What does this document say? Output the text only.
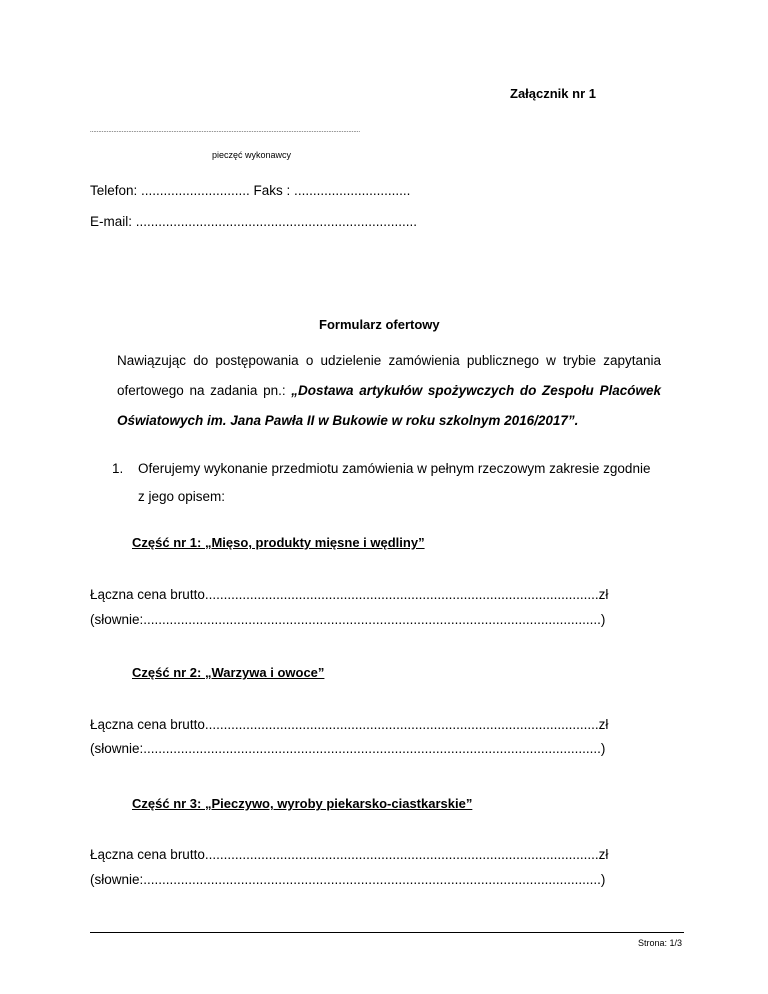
Załącznik nr 1
..................................................................................................................................................................
pieczęć wykonawcy
Telefon: ............................. Faks : ...............................
E-mail: ...........................................................................
Formularz ofertowy
Nawiązując do postępowania o udzielenie zamówienia publicznego w trybie zapytania ofertowego na zadania pn.: „Dostawa artykułów spożywczych do Zespołu Placówek Oświatowych im. Jana Pawła II w Bukowie w roku szkolnym 2016/2017”.
1. Oferujemy wykonanie przedmiotu zamówienia w pełnym rzeczowym zakresie zgodnie
z jego opisem:
Część nr 1: „Mięso, produkty mięsne i wędliny”
Łączna cena brutto.........................................................................................................zł
(słownie:..........................................................................................................................)
Część nr 2: „Warzywa i owoce”
Łączna cena brutto.........................................................................................................zł
(słownie:..........................................................................................................................)
Część nr 3: „Pieczywo, wyroby piekarsko-ciastkarskie”
Łączna cena brutto.........................................................................................................zł
(słownie:..........................................................................................................................)
Strona: 1/3
